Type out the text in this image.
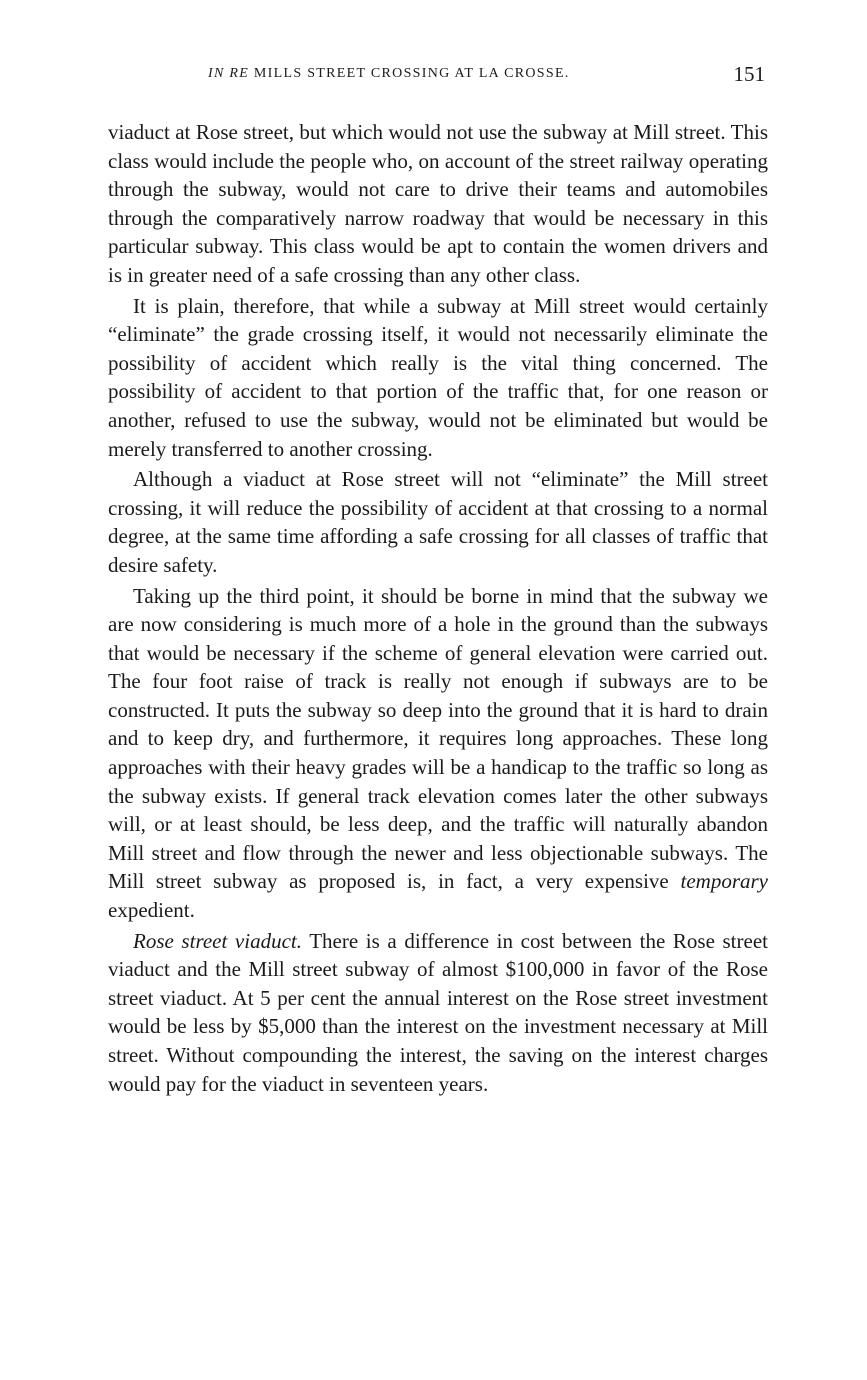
IN RE MILLS STREET CROSSING AT LA CROSSE.	151

viaduct at Rose street, but which would not use the subway at Mill street. This class would include the people who, on account of the street railway operating through the subway, would not care to drive their teams and automobiles through the comparatively narrow roadway that would be necessary in this particular subway. This class would be apt to contain the women drivers and is in greater need of a safe crossing than any other class.

It is plain, therefore, that while a subway at Mill street would certainly “eliminate” the grade crossing itself, it would not necessarily eliminate the possibility of accident which really is the vital thing concerned. The possibility of accident to that portion of the traffic that, for one reason or another, refused to use the subway, would not be eliminated but would be merely transferred to another crossing.

Although a viaduct at Rose street will not “eliminate” the Mill street crossing, it will reduce the possibility of accident at that crossing to a normal degree, at the same time affording a safe crossing for all classes of traffic that desire safety.

Taking up the third point, it should be borne in mind that the subway we are now considering is much more of a hole in the ground than the subways that would be necessary if the scheme of general elevation were carried out. The four foot raise of track is really not enough if subways are to be constructed. It puts the subway so deep into the ground that it is hard to drain and to keep dry, and furthermore, it requires long approaches. These long approaches with their heavy grades will be a handicap to the traffic so long as the subway exists. If general track elevation comes later the other subways will, or at least should, be less deep, and the traffic will naturally abandon Mill street and flow through the newer and less objectionable subways. The Mill street subway as proposed is, in fact, a very expensive temporary expedient.

Rose street viaduct. There is a difference in cost between the Rose street viaduct and the Mill street subway of almost $100,000 in favor of the Rose street viaduct. At 5 per cent the annual interest on the Rose street investment would be less by $5,000 than the interest on the investment necessary at Mill street. Without compounding the interest, the saving on the interest charges would pay for the viaduct in seventeen years.
